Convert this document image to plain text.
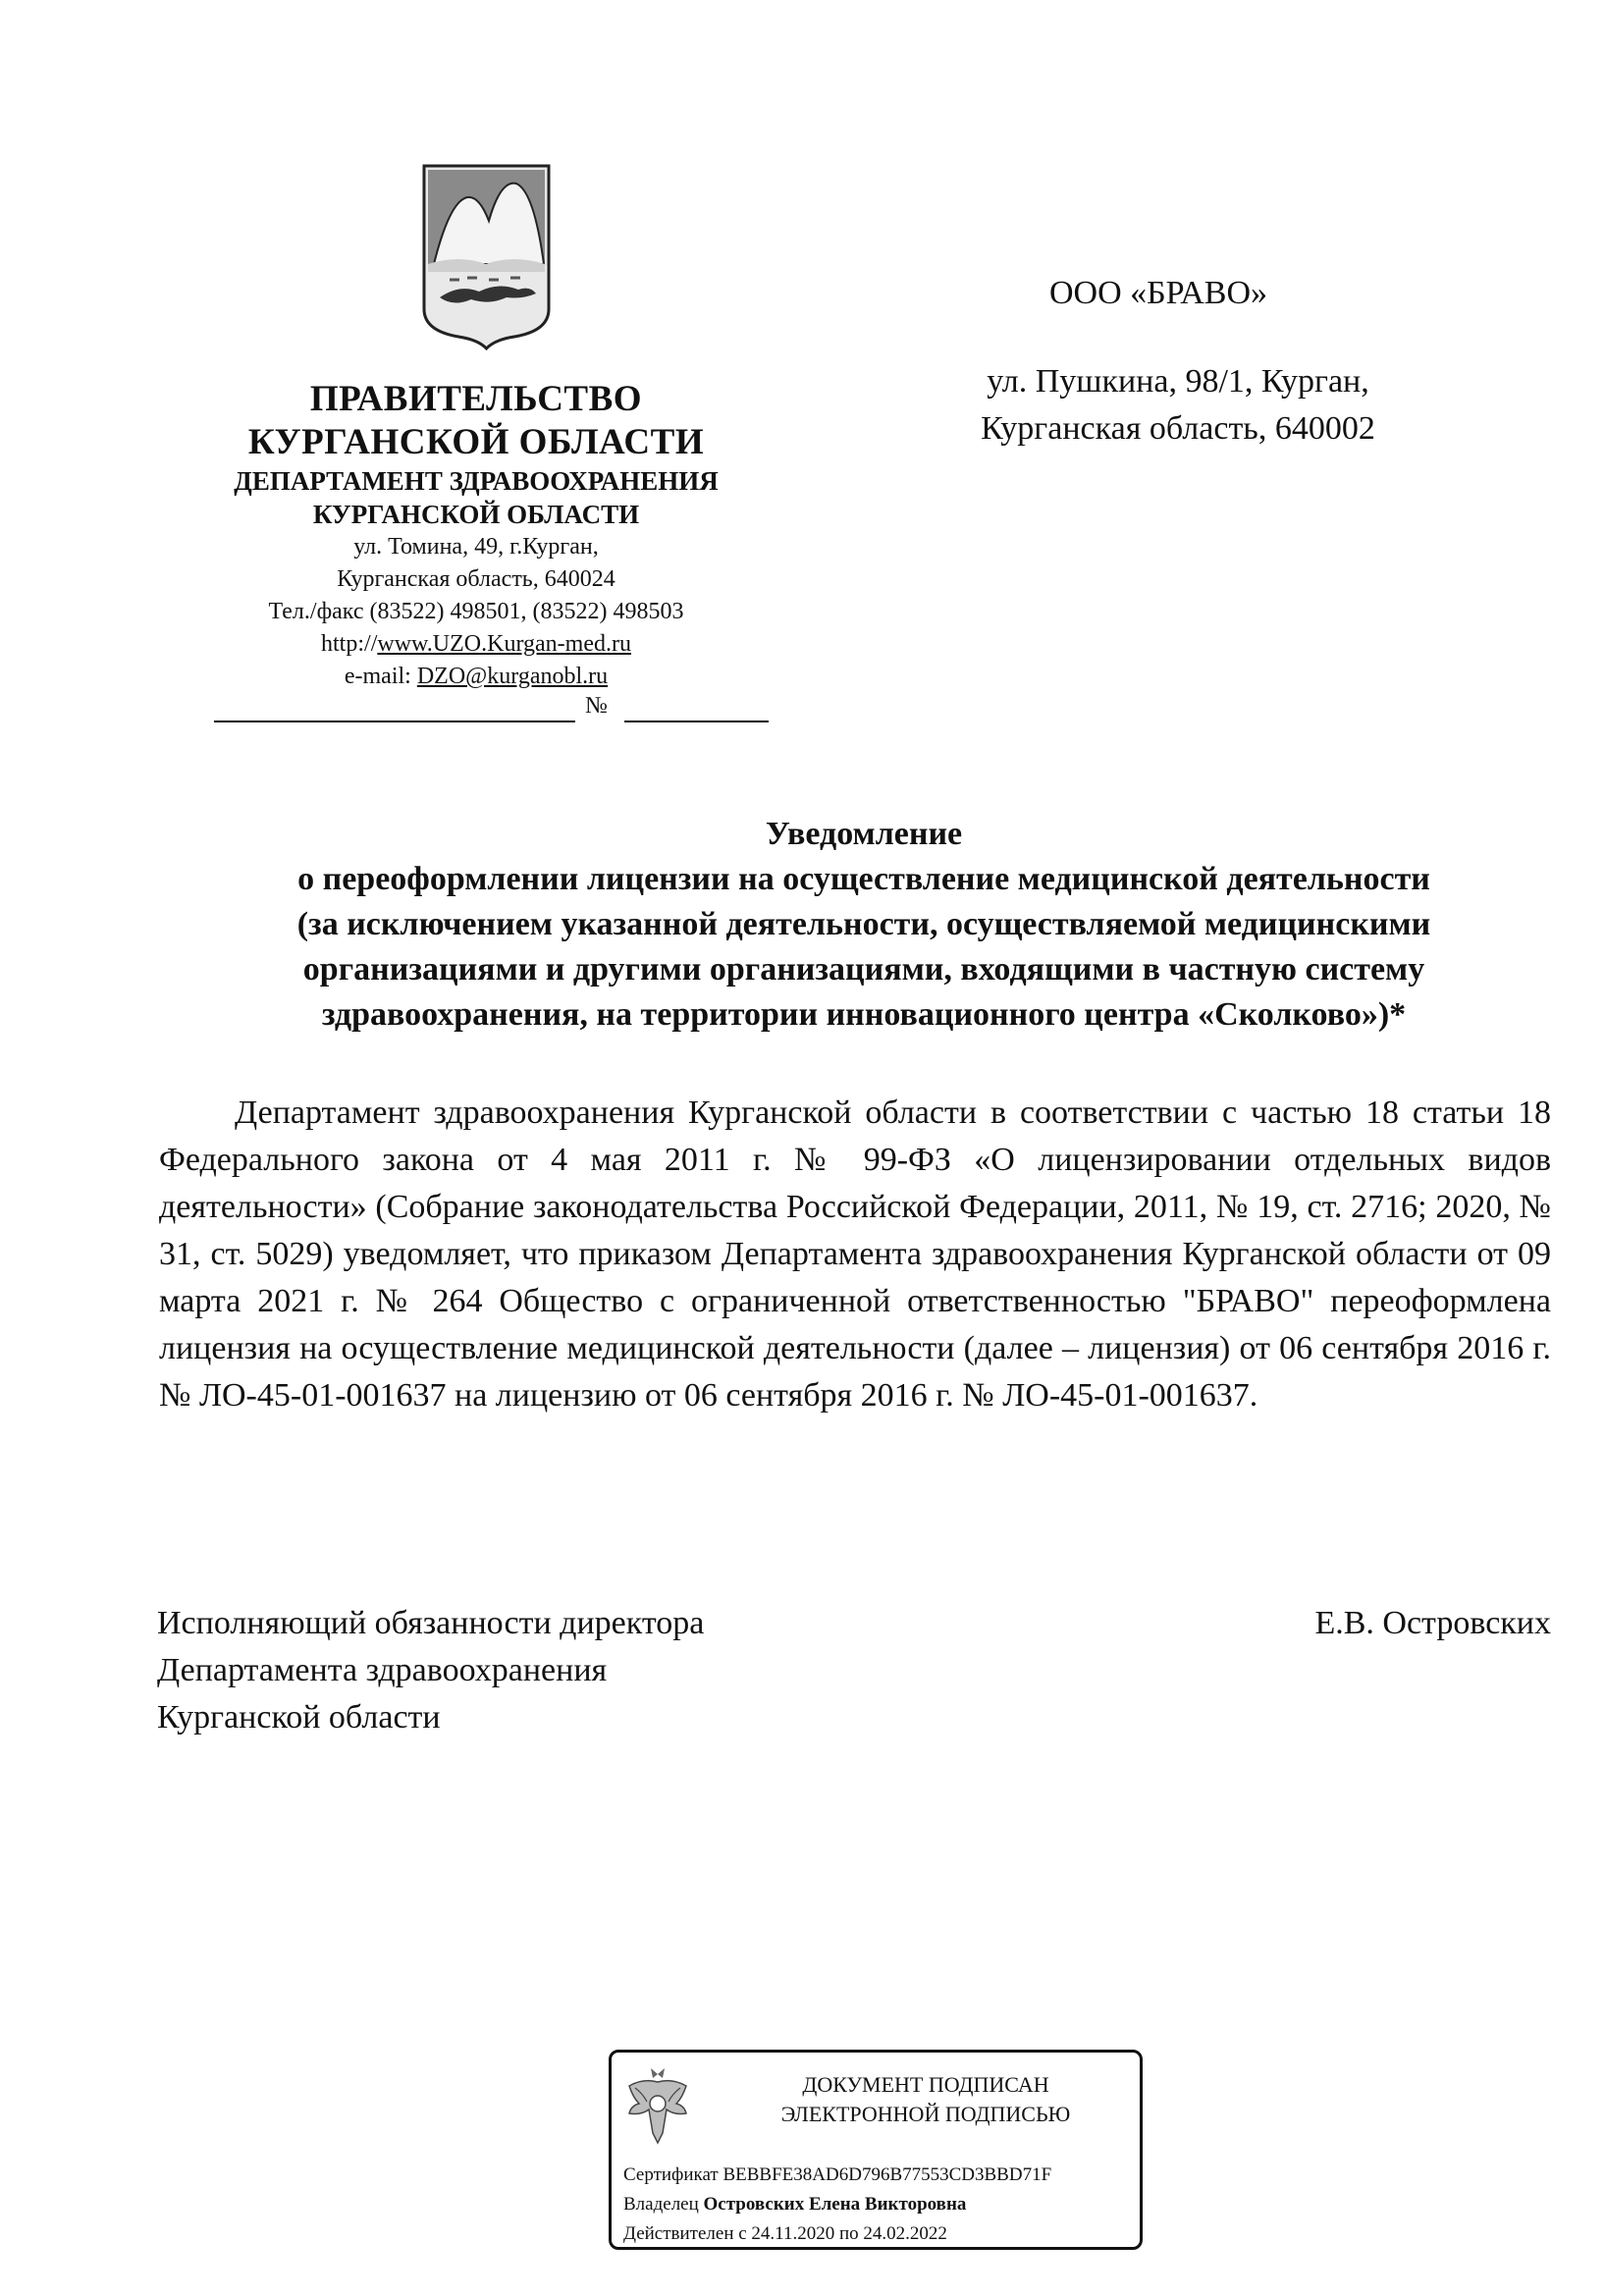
ПРАВИТЕЛЬСТВО
КУРГАНСКОЙ ОБЛАСТИ
ДЕПАРТАМЕНТ ЗДРАВООХРАНЕНИЯ
КУРГАНСКОЙ ОБЛАСТИ
ул. Томина, 49, г.Курган,
Курганская область, 640024
Тел./факс (83522) 498501, (83522) 498503
http://www.UZO.Kurgan-med.ru
e-mail: DZO@kurganobl.ru
№
ООО «БРАВО»
ул. Пушкина, 98/1, Курган,
Курганская область, 640002
Уведомление
о переоформлении лицензии на осуществление медицинской деятельности
(за исключением указанной деятельности, осуществляемой медицинскими
организациями и другими организациями, входящими в частную систему
здравоохранения, на территории инновационного центра «Сколково»)*
Департамент здравоохранения Курганской области в соответствии с частью 18 статьи 18 Федерального закона от 4 мая 2011 г. № 99-ФЗ «О лицензировании отдельных видов деятельности» (Собрание законодательства Российской Федерации, 2011, № 19, ст. 2716; 2020, № 31, ст. 5029) уведомляет, что приказом Департамента здравоохранения Курганской области от 09 марта 2021 г. № 264 Общество с ограниченной ответственностью "БРАВО" переоформлена лицензия на осуществление медицинской деятельности (далее – лицензия) от 06 сентября 2016 г. № ЛО-45-01-001637 на лицензию от 06 сентября 2016 г. № ЛО-45-01-001637.
Исполняющий обязанности директора
Департамента здравоохранения
Курганской области
Е.В. Островских
ДОКУМЕНТ ПОДПИСАН
ЭЛЕКТРОННОЙ ПОДПИСЬЮ
Сертификат BEBBFE38AD6D796B77553CD3BBD71F
Владелец Островских Елена Викторовна
Действителен с 24.11.2020 по 24.02.2022
